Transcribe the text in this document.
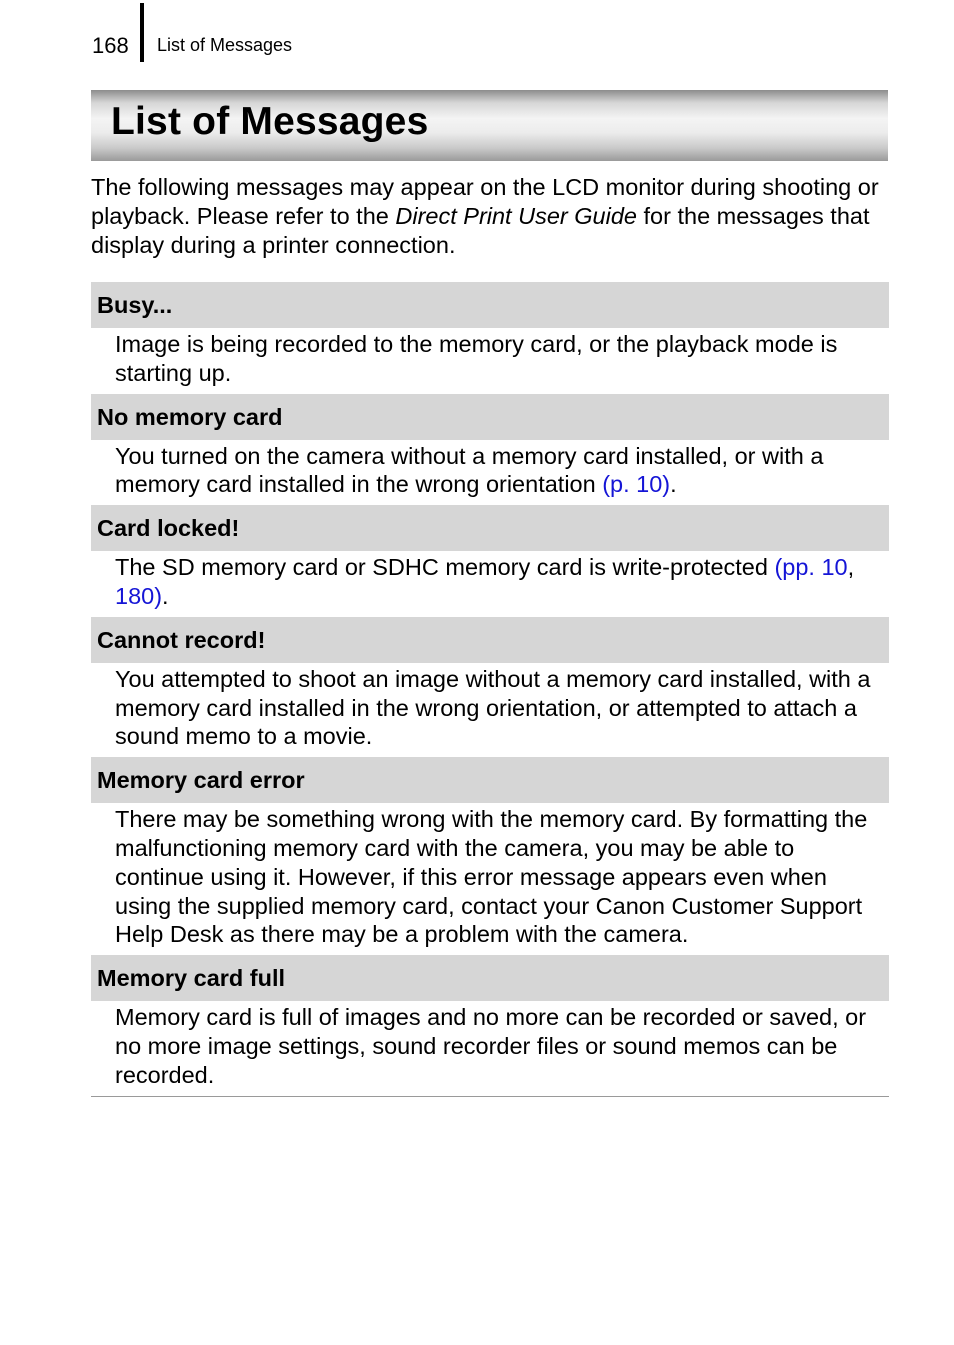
168 List of Messages
List of Messages
The following messages may appear on the LCD monitor during shooting or playback. Please refer to the Direct Print User Guide for the messages that display during a printer connection.
Busy...
Image is being recorded to the memory card, or the playback mode is starting up.
No memory card
You turned on the camera without a memory card installed, or with a memory card installed in the wrong orientation (p. 10).
Card locked!
The SD memory card or SDHC memory card is write-protected (pp. 10, 180).
Cannot record!
You attempted to shoot an image without a memory card installed, with a memory card installed in the wrong orientation, or attempted to attach a sound memo to a movie.
Memory card error
There may be something wrong with the memory card. By formatting the malfunctioning memory card with the camera, you may be able to continue using it. However, if this error message appears even when using the supplied memory card, contact your Canon Customer Support Help Desk as there may be a problem with the camera.
Memory card full
Memory card is full of images and no more can be recorded or saved, or no more image settings, sound recorder files or sound memos can be recorded.
